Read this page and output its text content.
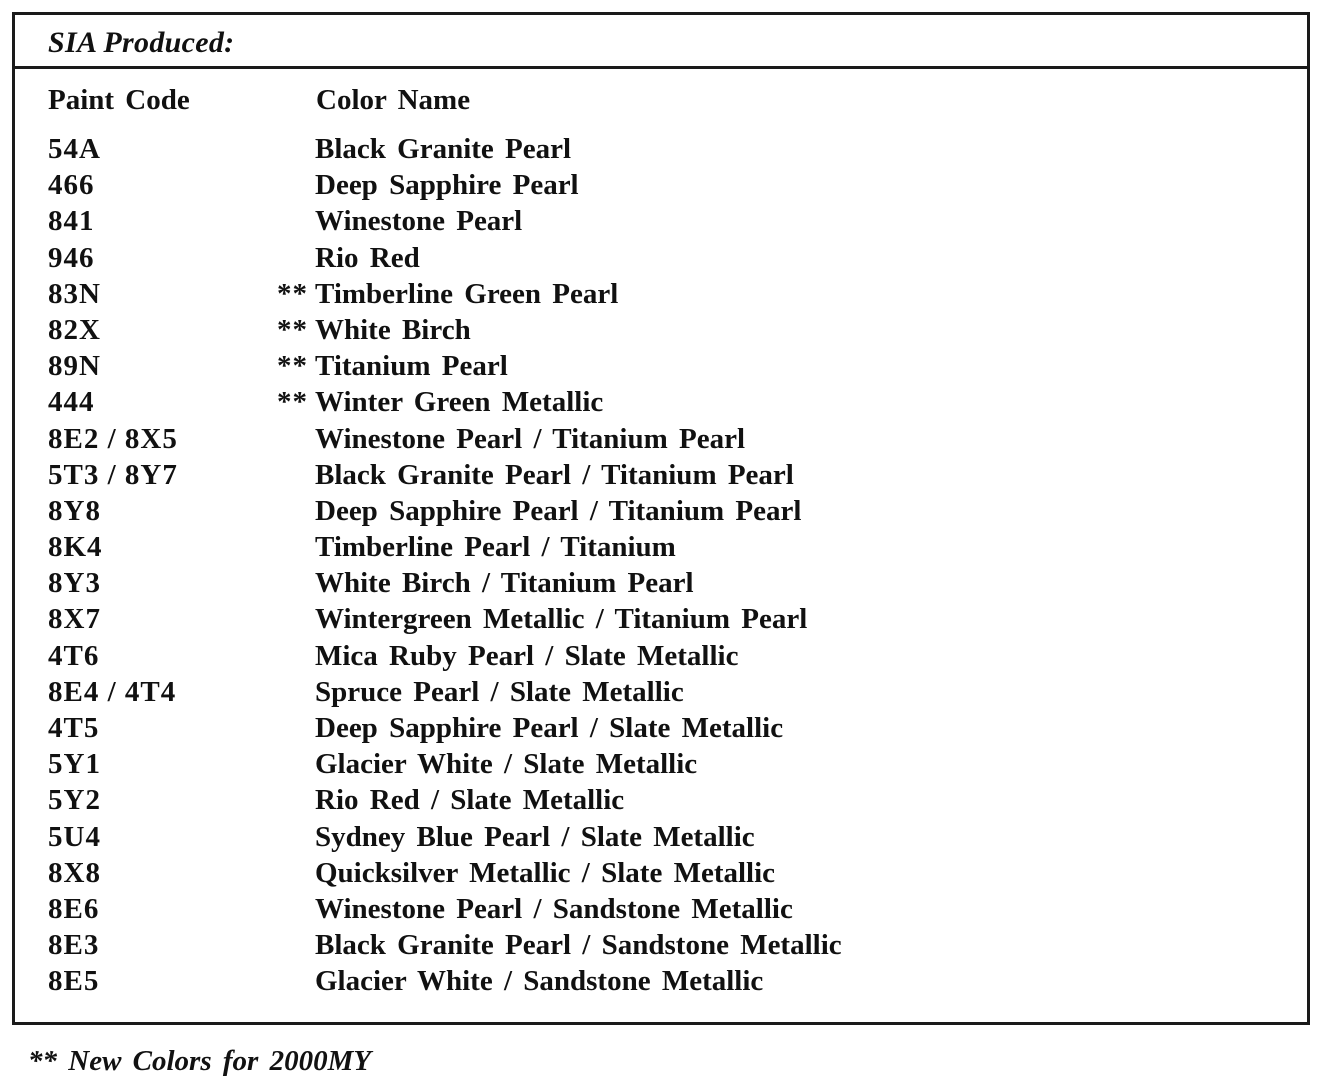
SIA Produced:
Paint Code	Color Name
54A	Black Granite Pearl
466	Deep Sapphire Pearl
841	Winestone Pearl
946	Rio Red
83N	** Timberline Green Pearl
82X	** White Birch
89N	** Titanium Pearl
444	** Winter Green Metallic
8E2 / 8X5	Winestone Pearl / Titanium Pearl
5T3 / 8Y7	Black Granite Pearl / Titanium Pearl
8Y8	Deep Sapphire Pearl / Titanium Pearl
8K4	Timberline Pearl / Titanium
8Y3	White Birch / Titanium Pearl
8X7	Wintergreen Metallic / Titanium Pearl
4T6	Mica Ruby Pearl / Slate Metallic
8E4 / 4T4	Spruce Pearl / Slate Metallic
4T5	Deep Sapphire Pearl / Slate Metallic
5Y1	Glacier White / Slate Metallic
5Y2	Rio Red / Slate Metallic
5U4	Sydney Blue Pearl / Slate Metallic
8X8	Quicksilver Metallic / Slate Metallic
8E6	Winestone Pearl / Sandstone Metallic
8E3	Black Granite Pearl / Sandstone Metallic
8E5	Glacier White / Sandstone Metallic
** New Colors for 2000MY
